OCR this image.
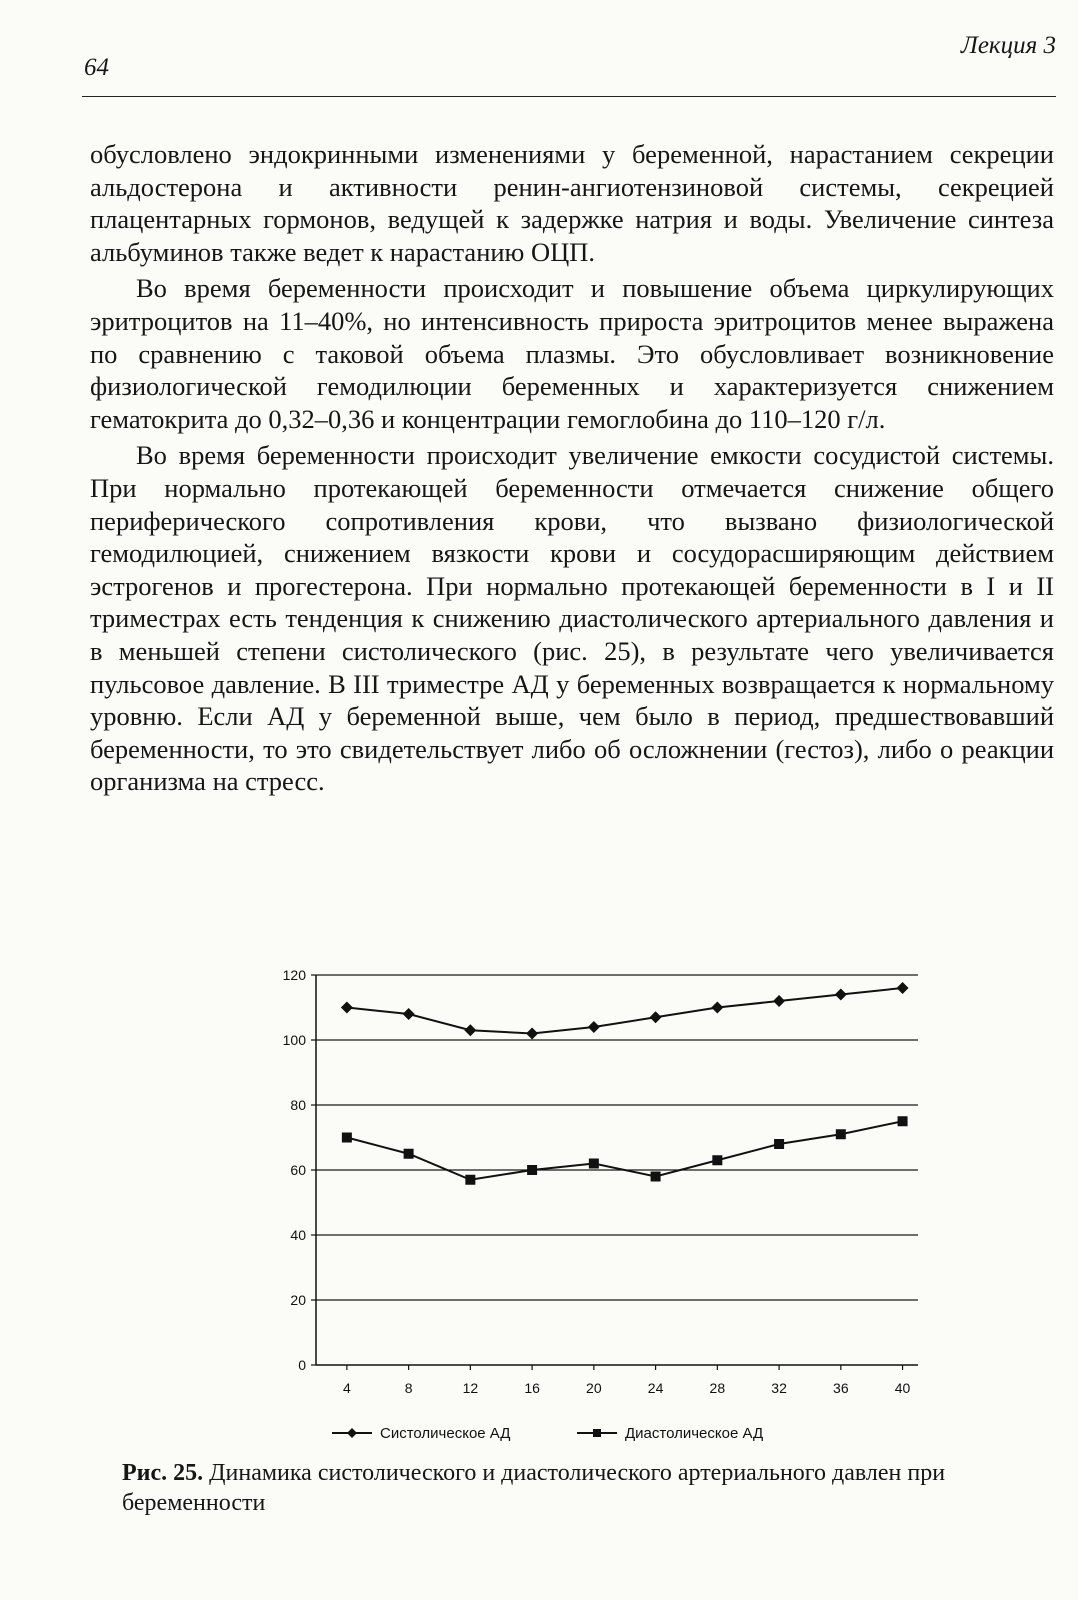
64
Лекция 3

обусловлено эндокринными изменениями у беременной, нарастанием секреции альдостерона и активности ренин-ангиотензиновой системы, секрецией плацентарных гормонов, ведущей к задержке натрия и воды. Увеличение синтеза альбуминов также ведет к нарастанию ОЦП.

Во время беременности происходит и повышение объема циркулирующих эритроцитов на 11–40%, но интенсивность прироста эритроцитов менее выражена по сравнению с таковой объема плазмы. Это обусловливает возникновение физиологической гемодилюции беременных и характеризуется снижением гематокрита до 0,32–0,36 и концентрации гемоглобина до 110–120 г/л.

Во время беременности происходит увеличение емкости сосудистой системы. При нормально протекающей беременности отмечается снижение общего периферического сопротивления крови, что вызвано физиологической гемодилюцией, снижением вязкости крови и сосудорасширяющим действием эстрогенов и прогестерона. При нормально протекающей беременности в I и II триместрах есть тенденция к снижению диастолического артериального давления и в меньшей степени систолического (рис. 25), в результате чего увеличивается пульсовое давление. В III триместре АД у беременных возвращается к нормальному уровню. Если АД у беременной выше, чем было в период, предшествовавший беременности, то это свидетельствует либо об осложнении (гестоз), либо о реакции организма на стресс.

0
20
40
60
80
100
120
4	8	12	16	20	24	28	32	36	40
Систолическое АД	Диастолическое АД
Рис. 25. Динамика систолического и диастолического артериального давлен при беременности
